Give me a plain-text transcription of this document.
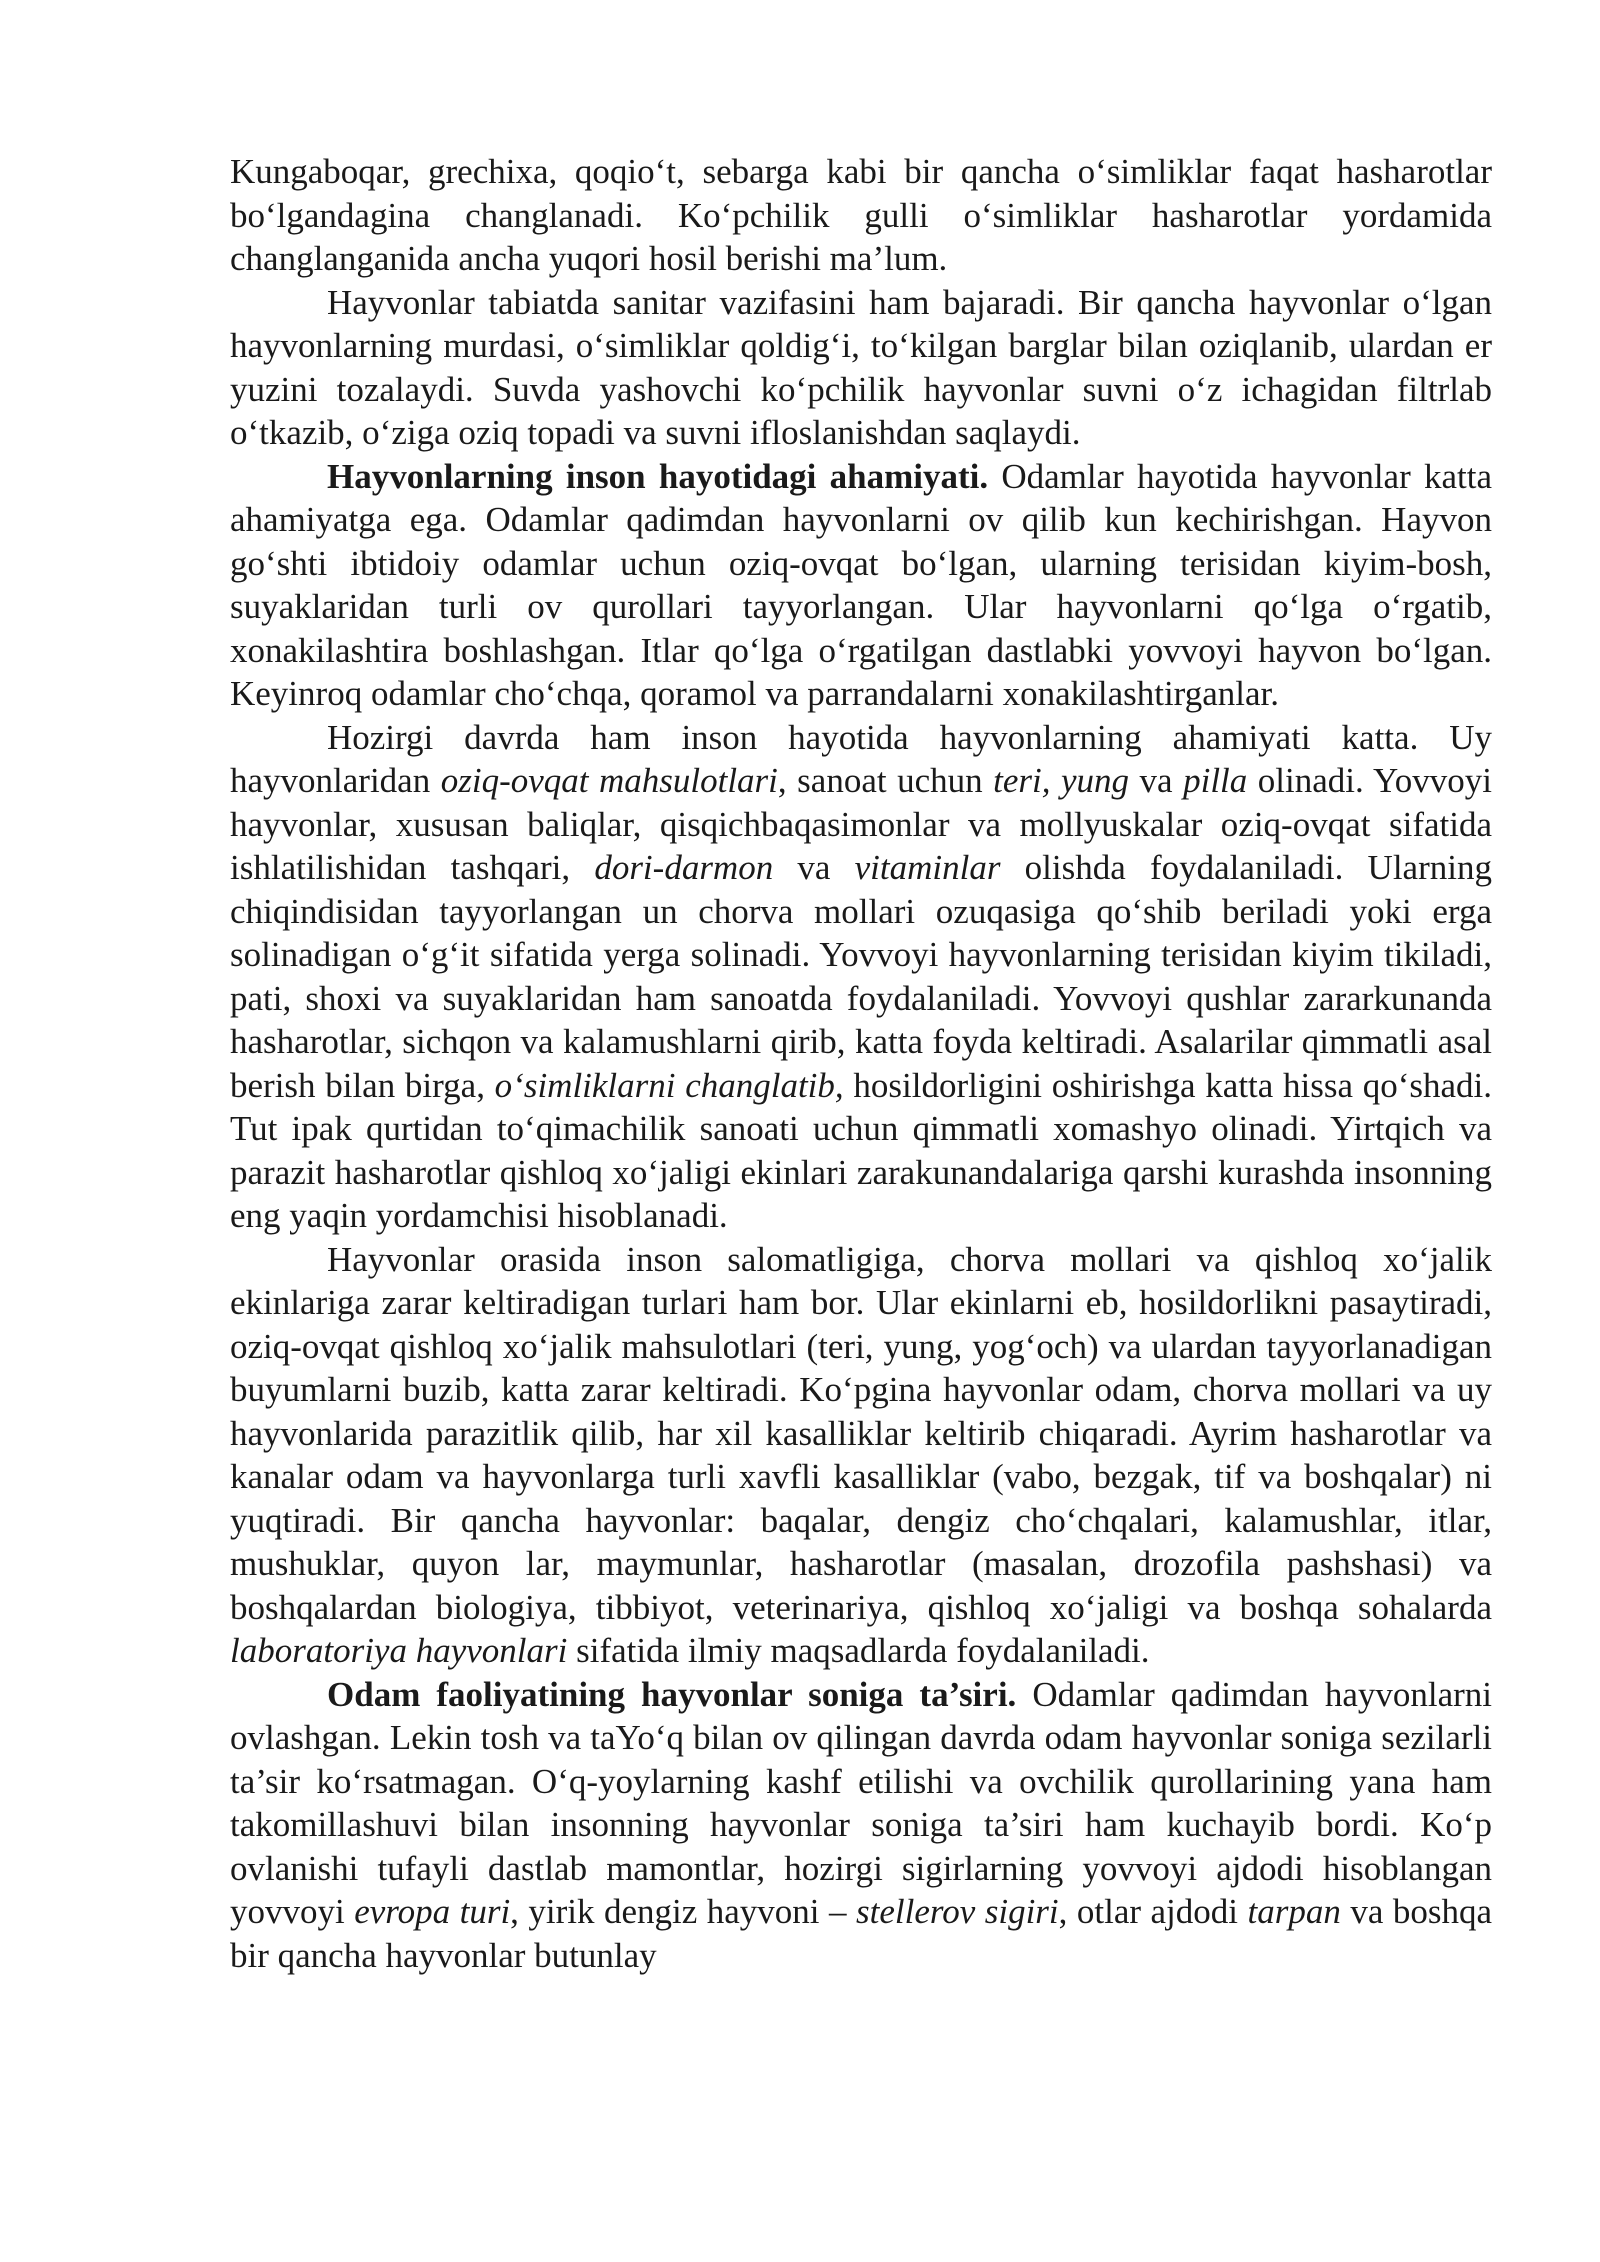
Kungaboqar, grechixa, qoqio‘t, sebarga kabi bir qancha o‘simliklar faqat hasharotlar bo‘lgandagina changlanadi. Ko‘pchilik gulli o‘simliklar hasharotlar yordamida changlanganida ancha yuqori hosil berishi ma’lum.

Hayvonlar tabiatda sanitar vazifasini ham bajaradi. Bir qancha hayvonlar o‘lgan hayvonlarning murdasi, o‘simliklar qoldig‘i, to‘kilgan barglar bilan oziqlanib, ulardan er yuzini tozalaydi. Suvda yashovchi ko‘pchilik hayvonlar suvni o‘z ichagidan filtrlab o‘tkazib, o‘ziga oziq topadi va suvni ifloslanishdan saqlaydi.

Hayvonlarning inson hayotidagi ahamiyati. Odamlar hayotida hayvonlar katta ahamiyatga ega. Odamlar qadimdan hayvonlarni ov qilib kun kechirishgan. Hayvon go‘shti ibtidoiy odamlar uchun oziq-ovqat bo‘lgan, ularning terisidan kiyim-bosh, suyaklaridan turli ov qurollari tayyorlangan. Ular hayvonlarni qo‘lga o‘rgatib, xonakilashtira boshlashgan. Itlar qo‘lga o‘rgatilgan dastlabki yovvoyi hayvon bo‘lgan. Keyinroq odamlar cho‘chqa, qoramol va parrandalarni xonakilashtirganlar.

Hozirgi davrda ham inson hayotida hayvonlarning ahamiyati katta. Uy hayvonlaridan oziq-ovqat mahsulotlari, sanoat uchun teri, yung va pilla olinadi. Yovvoyi hayvonlar, xususan baliqlar, qisqichbaqasimonlar va mollyuskalar oziq-ovqat sifatida ishlatilishidan tashqari, dori-darmon va vitaminlar olishda foydalaniladi. Ularning chiqindisidan tayyorlangan un chorva mollari ozuqasiga qo‘shib beriladi yoki erga solinadigan o‘g‘it sifatida yerga solinadi. Yovvoyi hayvonlarning terisidan kiyim tikiladi, pati, shoxi va suyaklaridan ham sanoatda foydalaniladi. Yovvoyi qushlar zararkunanda hasharotlar, sichqon va kalamushlarni qirib, katta foyda keltiradi. Asalarilar qimmatli asal berish bilan birga, o‘simliklarni changlatib, hosildorligini oshirishga katta hissa qo‘shadi. Tut ipak qurtidan to‘qimachilik sanoati uchun qimmatli xomashyo olinadi. Yirtqich va parazit hasharotlar qishloq xo‘jaligi ekinlari zarakunandalariga qarshi kurashda insonning eng yaqin yordamchisi hisoblanadi.

Hayvonlar orasida inson salomatligiga, chorva mollari va qishloq xo‘jalik ekinlariga zarar keltiradigan turlari ham bor. Ular ekinlarni eb, hosildorlikni pasaytiradi, oziq-ovqat qishloq xo‘jalik mahsulotlari (teri, yung, yog‘och) va ulardan tayyorlanadigan buyumlarni buzib, katta zarar keltiradi. Ko‘pgina hayvonlar odam, chorva mollari va uy hayvonlarida parazitlik qilib, har xil kasalliklar keltirib chiqaradi. Ayrim hasharotlar va kanalar odam va hayvonlarga turli xavfli kasalliklar (vabo, bezgak, tif va boshqalar) ni yuqtiradi. Bir qancha hayvonlar: baqalar, dengiz cho‘chqalari, kalamushlar, itlar, mushuklar, quyon lar, maymunlar, hasharotlar (masalan, drozofila pashshasi) va boshqalardan biologiya, tibbiyot, veterinariya, qishloq xo‘jaligi va boshqa sohalarda laboratoriya hayvonlari sifatida ilmiy maqsadlarda foydalaniladi.

Odam faoliyatining hayvonlar soniga ta’siri. Odamlar qadimdan hayvonlarni ovlashgan. Lekin tosh va taYo‘q bilan ov qilingan davrda odam hayvonlar soniga sezilarli ta’sir ko‘rsatmagan. O‘q-yoylarning kashf etilishi va ovchilik qurollarining yana ham takomillashuvi bilan insonning hayvonlar soniga ta’siri ham kuchayib bordi. Ko‘p ovlanishi tufayli dastlab mamontlar, hozirgi sigirlarning yovvoyi ajdodi hisoblangan yovvoyi evropa turi, yirik dengiz hayvoni – stellerov sigiri, otlar ajdodi tarpan va boshqa bir qancha hayvonlar butunlay
